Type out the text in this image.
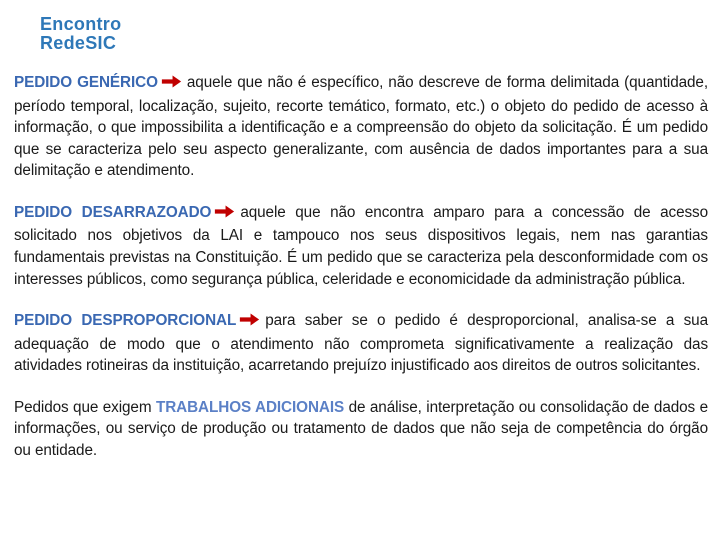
Encontro
RedeSIC

PEDIDO GENÉRICO aquele que não é específico, não descreve de forma delimitada (quantidade, período temporal, localização, sujeito, recorte temático, formato, etc.) o objeto do pedido de acesso à informação, o que impossibilita a identificação e a compreensão do objeto da solicitação. É um pedido que se caracteriza pelo seu aspecto generalizante, com ausência de dados importantes para a sua delimitação e atendimento.

PEDIDO DESARRAZOADO aquele que não encontra amparo para a concessão de acesso solicitado nos objetivos da LAI e tampouco nos seus dispositivos legais, nem nas garantias fundamentais previstas na Constituição. É um pedido que se caracteriza pela desconformidade com os interesses públicos, como segurança pública, celeridade e economicidade da administração pública.

PEDIDO DESPROPORCIONAL para saber se o pedido é desproporcional, analisa-se a sua adequação de modo que o atendimento não comprometa significativamente a realização das atividades rotineiras da instituição, acarretando prejuízo injustificado aos direitos de outros solicitantes.

Pedidos que exigem TRABALHOS ADICIONAIS de análise, interpretação ou consolidação de dados e informações, ou serviço de produção ou tratamento de dados que não seja de competência do órgão ou entidade.
